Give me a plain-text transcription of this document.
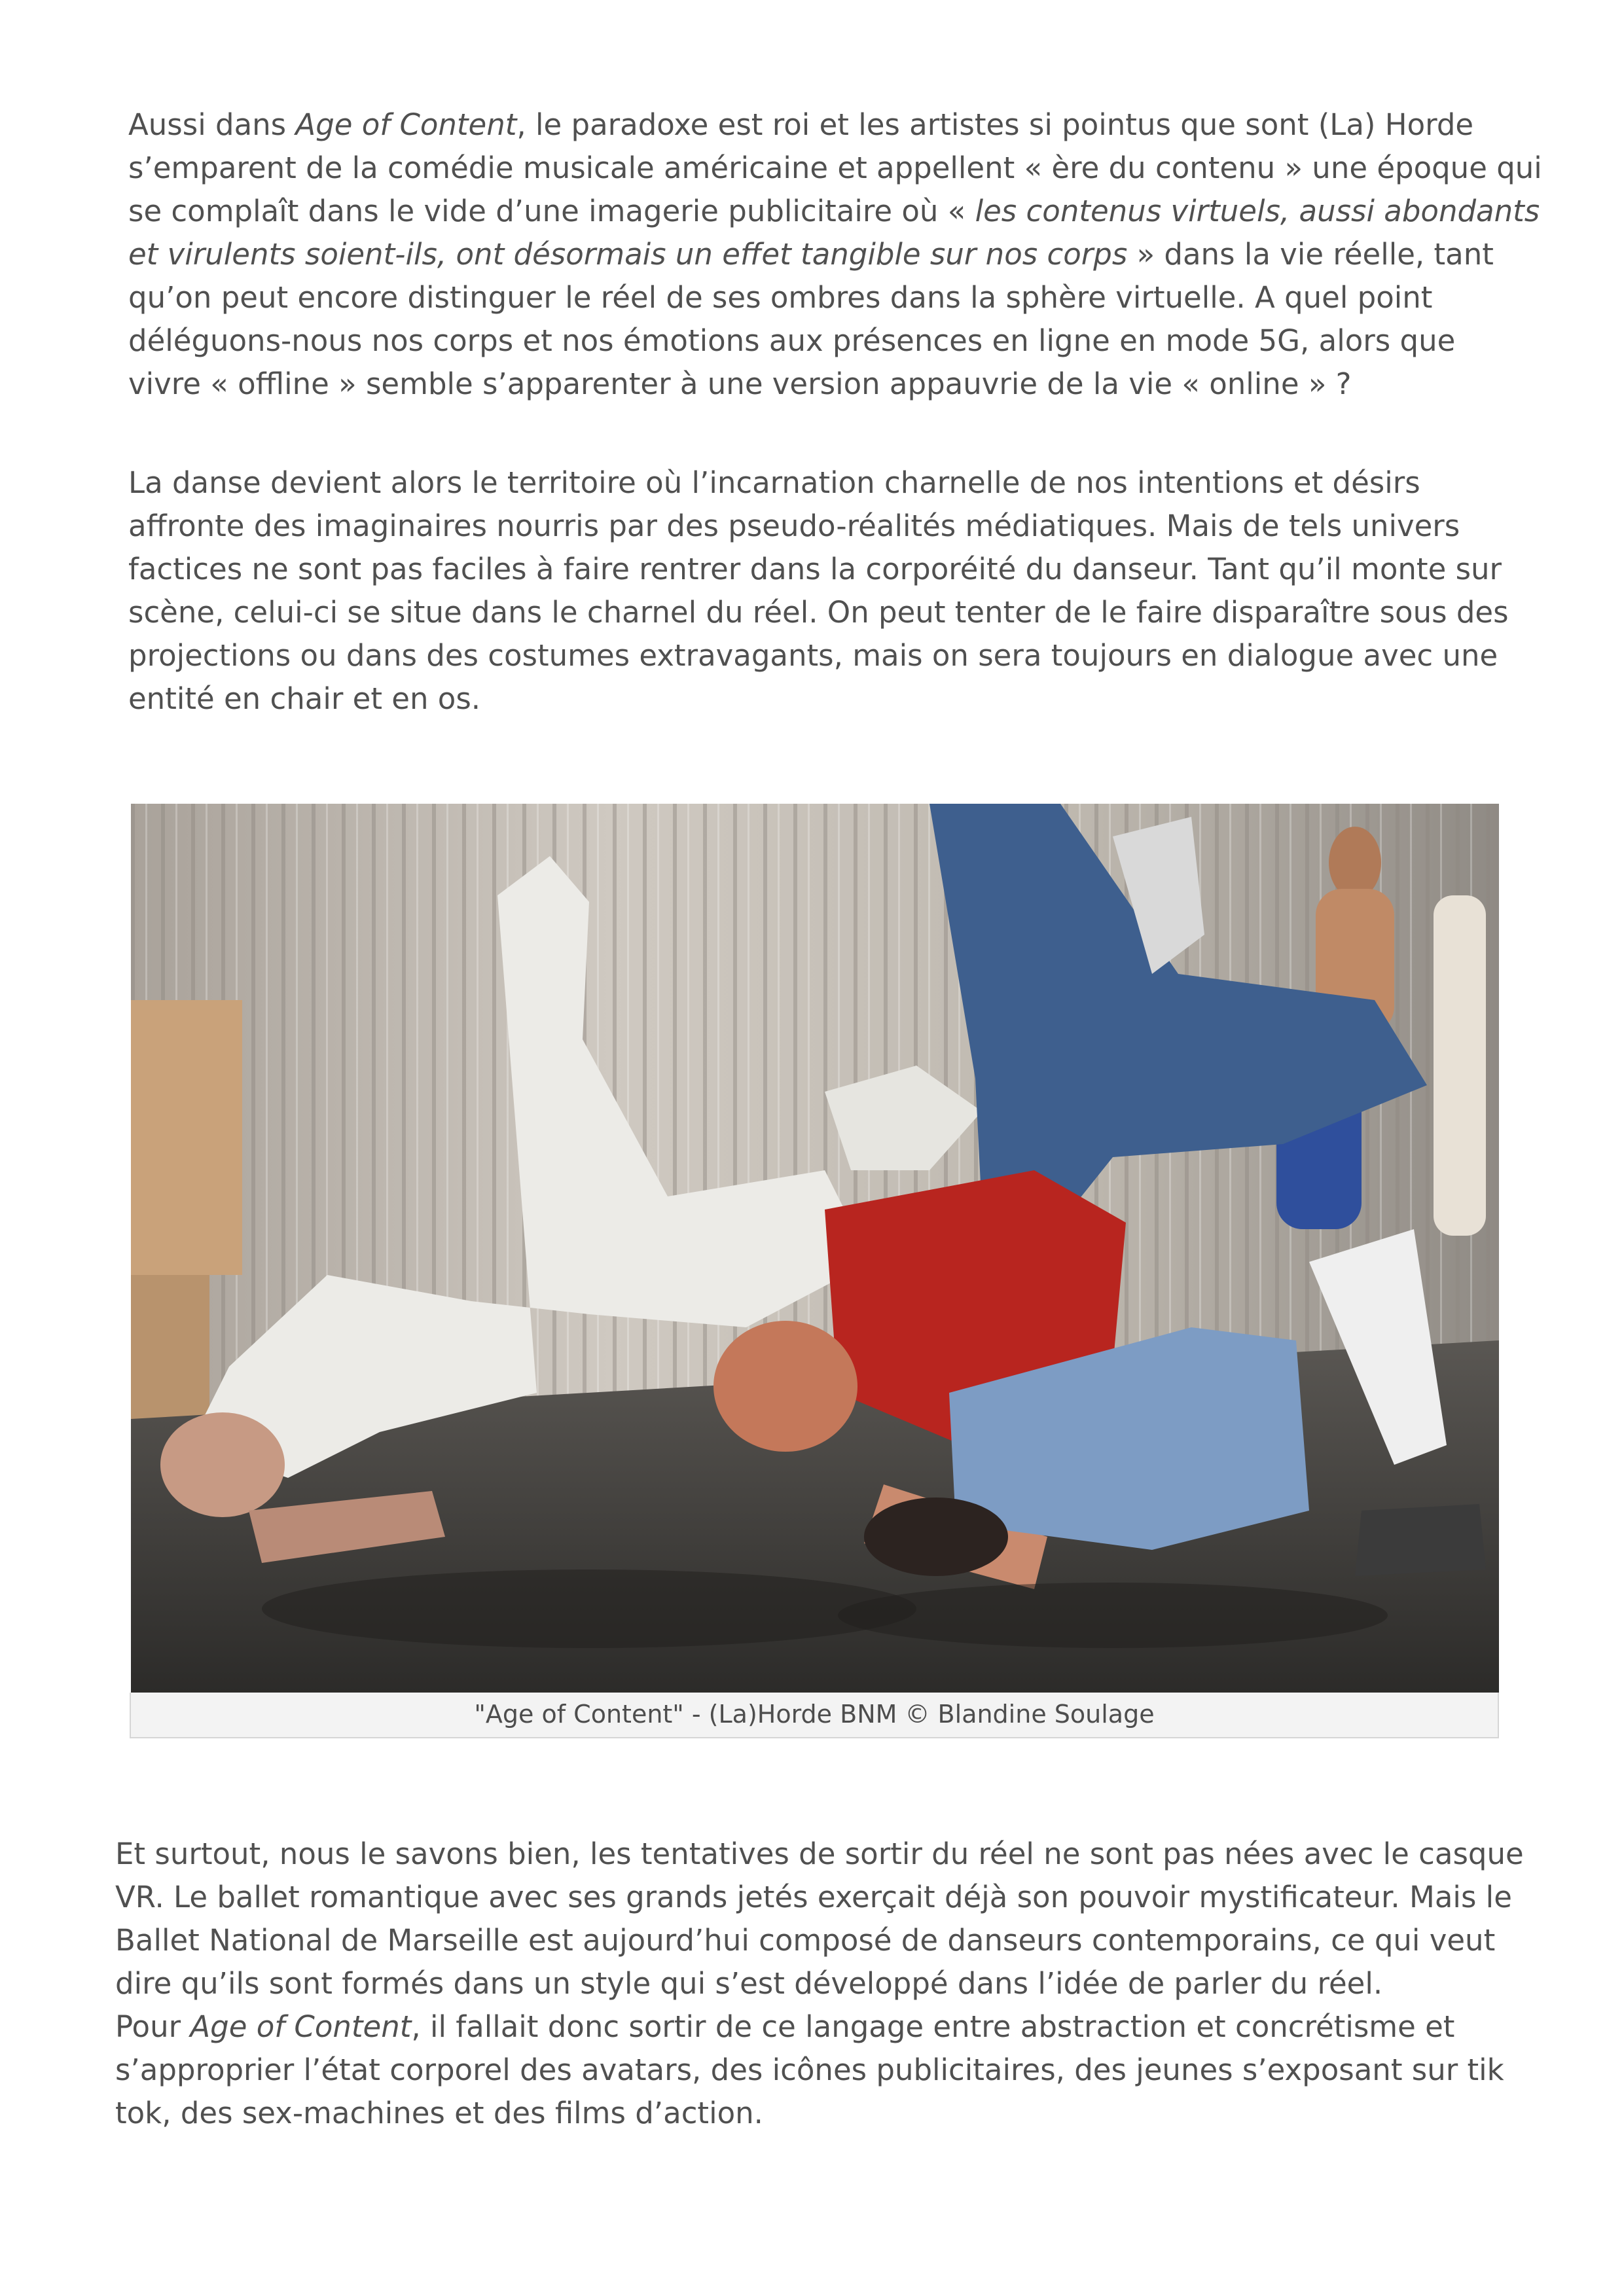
Aussi dans Age of Content, le paradoxe est roi et les artistes si pointus que sont (La) Horde
s’emparent de la comédie musicale américaine et appellent « ère du contenu » une époque qui
se complaît dans le vide d’une imagerie publicitaire où « les contenus virtuels, aussi abondants
et virulents soient-ils, ont désormais un effet tangible sur nos corps » dans la vie réelle, tant
qu’on peut encore distinguer le réel de ses ombres dans la sphère virtuelle. A quel point
déléguons-nous nos corps et nos émotions aux présences en ligne en mode 5G, alors que
vivre « offline » semble s’apparenter à une version appauvrie de la vie « online » ?

La danse devient alors le territoire où l’incarnation charnelle de nos intentions et désirs
affronte des imaginaires nourris par des pseudo-réalités médiatiques. Mais de tels univers
factices ne sont pas faciles à faire rentrer dans la corporéité du danseur. Tant qu’il monte sur
scène, celui-ci se situe dans le charnel du réel. On peut tenter de le faire disparaître sous des
projections ou dans des costumes extravagants, mais on sera toujours en dialogue avec une
entité en chair et en os.

"Age of Content" - (La)Horde BNM © Blandine Soulage

Et surtout, nous le savons bien, les tentatives de sortir du réel ne sont pas nées avec le casque
VR. Le ballet romantique avec ses grands jetés exerçait déjà son pouvoir mystificateur. Mais le
Ballet National de Marseille est aujourd’hui composé de danseurs contemporains, ce qui veut
dire qu’ils sont formés dans un style qui s’est développé dans l’idée de parler du réel.
Pour Age of Content, il fallait donc sortir de ce langage entre abstraction et concrétisme et
s’approprier l’état corporel des avatars, des icônes publicitaires, des jeunes s’exposant sur tik
tok, des sex-machines et des films d’action.
